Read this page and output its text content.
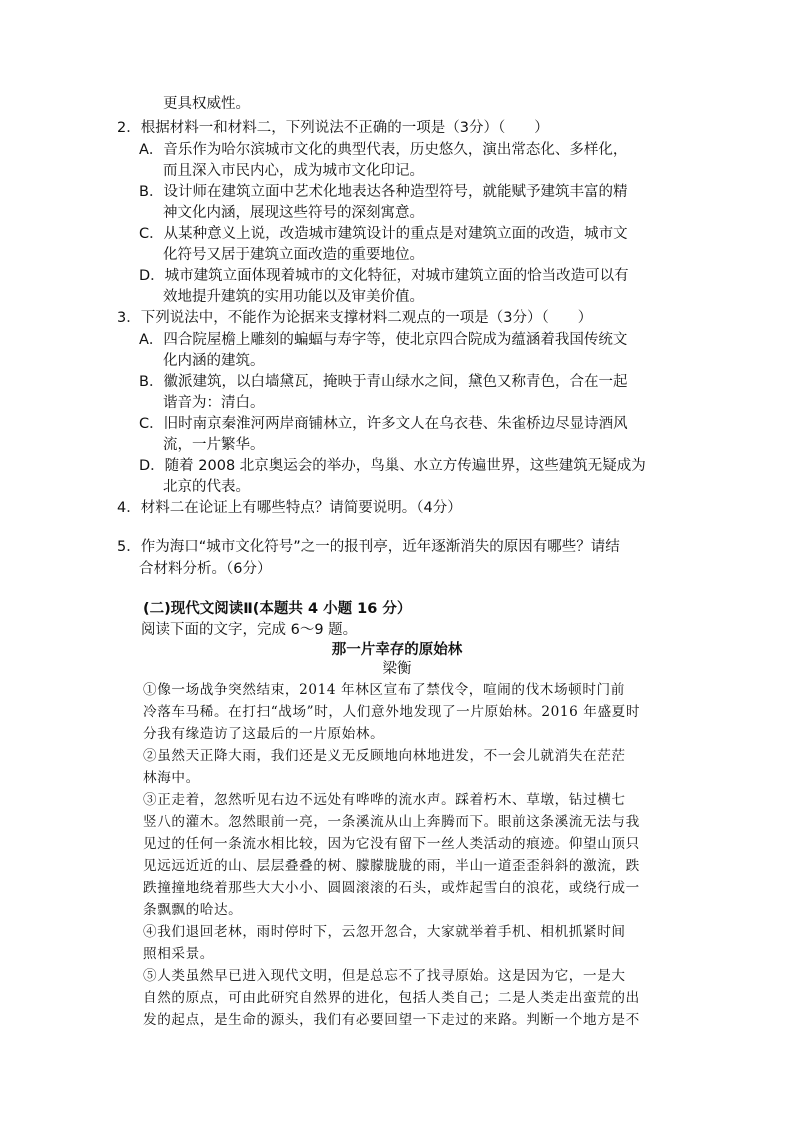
更具权威性。
2．根据材料一和材料二，下列说法不正确的一项是（3分）（　　）
A．音乐作为哈尔滨城市文化的典型代表，历史悠久，演出常态化、多样化，
而且深入市民内心，成为城市文化印记。
B．设计师在建筑立面中艺术化地表达各种造型符号，就能赋予建筑丰富的精
神文化内涵，展现这些符号的深刻寓意。
C．从某种意义上说，改造城市建筑设计的重点是对建筑立面的改造，城市文
化符号又居于建筑立面改造的重要地位。
D．城市建筑立面体现着城市的文化特征，对城市建筑立面的恰当改造可以有
效地提升建筑的实用功能以及审美价值。
3．下列说法中，不能作为论据来支撑材料二观点的一项是（3分）（　　）
A．四合院屋檐上雕刻的蝙蝠与寿字等，使北京四合院成为蕴涵着我国传统文
化内涵的建筑。
B．徽派建筑，以白墙黛瓦，掩映于青山绿水之间，黛色又称青色，合在一起
谐音为：清白。
C．旧时南京秦淮河两岸商铺林立，许多文人在乌衣巷、朱雀桥边尽显诗酒风
流，一片繁华。
D．随着 2008 北京奥运会的举办，鸟巢、水立方传遍世界，这些建筑无疑成为
北京的代表。
4．材料二在论证上有哪些特点？请简要说明。（4分）
5．作为海口“城市文化符号”之一的报刊亭，近年逐渐消失的原因有哪些？请结
合材料分析。（6分）
(二)现代文阅读Ⅱ(本题共 4 小题 16 分）
阅读下面的文字，完成 6～9 题。
那一片幸存的原始林
梁衡
①像一场战争突然结束，2014 年林区宣布了禁伐令，喧闹的伐木场顿时门前
冷落车马稀。在打扫“战场”时，人们意外地发现了一片原始林。2016 年盛夏时
分我有缘造访了这最后的一片原始林。
②虽然天正降大雨，我们还是义无反顾地向林地进发，不一会儿就消失在茫茫
林海中。
③正走着，忽然听见右边不远处有哗哗的流水声。踩着朽木、草墩，钻过横七
竖八的灌木。忽然眼前一亮，一条溪流从山上奔腾而下。眼前这条溪流无法与我
见过的任何一条流水相比较，因为它没有留下一丝人类活动的痕迹。仰望山顶只
见远远近近的山、层层叠叠的树、朦朦胧胧的雨，半山一道歪歪斜斜的激流，跌
跌撞撞地绕着那些大大小小、圆圆滚滚的石头，或炸起雪白的浪花，或绕行成一
条飘飘的哈达。
④我们退回老林，雨时停时下，云忽开忽合，大家就举着手机、相机抓紧时间
照相采景。
⑤人类虽然早已进入现代文明，但是总忘不了找寻原始。这是因为它，一是大
自然的原点，可由此研究自然界的进化，包括人类自己；二是人类走出蛮荒的出
发的起点，是生命的源头，我们有必要回望一下走过的来路。判断一个地方是不
